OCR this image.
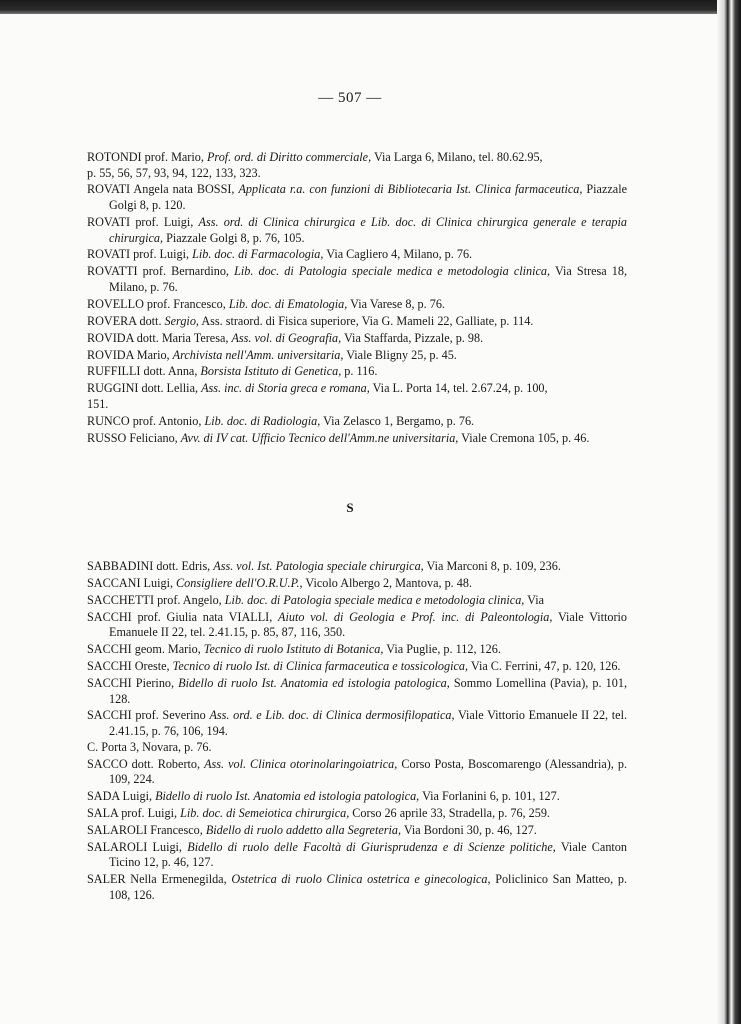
— 507 —
ROTONDI prof. Mario, Prof. ord. di Diritto commerciale, Via Larga 6, Milano, tel. 80.62.95,
p. 55, 56, 57, 93, 94, 122, 133, 323.
ROVATI Angela nata BOSSI, Applicata r.a. con funzioni di Bibliotecaria Ist. Clinica farmaceutica, Piazzale Golgi 8, p. 120.
ROVATI prof. Luigi, Ass. ord. di Clinica chirurgica e Lib. doc. di Clinica chirurgica generale e terapia chirurgica, Piazzale Golgi 8, p. 76, 105.
ROVATI prof. Luigi, Lib. doc. di Farmacologia, Via Cagliero 4, Milano, p. 76.
ROVATTI prof. Bernardino, Lib. doc. di Patologia speciale medica e metodologia clinica, Via Stresa 18, Milano, p. 76.
ROVELLO prof. Francesco, Lib. doc. di Ematologia, Via Varese 8, p. 76.
ROVERA dott. Sergio, Ass. straord. di Fisica superiore, Via G. Mameli 22, Galliate, p. 114.
ROVIDA dott. Maria Teresa, Ass. vol. di Geografia, Via Staffarda, Pizzale, p. 98.
ROVIDA Mario, Archivista nell'Amm. universitaria, Viale Bligny 25, p. 45.
RUFFILLI dott. Anna, Borsista Istituto di Genetica, p. 116.
RUGGINI dott. Lellia, Ass. inc. di Storia greca e romana, Via L. Porta 14, tel. 2.67.24, p. 100,
151.
RUNCO prof. Antonio, Lib. doc. di Radiologia, Via Zelasco 1, Bergamo, p. 76.
RUSSO Feliciano, Avv. di IV cat. Ufficio Tecnico dell'Amm.ne universitaria, Viale Cremona 105, p. 46.
S
SABBADINI dott. Edris, Ass. vol. Ist. Patologia speciale chirurgica, Via Marconi 8, p. 109, 236.
SACCANI Luigi, Consigliere dell'O.R.U.P., Vicolo Albergo 2, Mantova, p. 48.
SACCHETTI prof. Angelo, Lib. doc. di Patologia speciale medica e metodologia clinica, Via
SACCHI prof. Giulia nata VIALLI, Aiuto vol. di Geologia e Prof. inc. di Paleontologia, Viale Vittorio Emanuele II 22, tel. 2.41.15, p. 85, 87, 116, 350.
SACCHI geom. Mario, Tecnico di ruolo Istituto di Botanica, Via Puglie, p. 112, 126.
SACCHI Oreste, Tecnico di ruolo Ist. di Clinica farmaceutica e tossicologica, Via C. Ferrini, 47, p. 120, 126.
SACCHI Pierino, Bidello di ruolo Ist. Anatomia ed istologia patologica, Sommo Lomellina (Pavia), p. 101, 128.
SACCHI prof. Severino Ass. ord. e Lib. doc. di Clinica dermosifilopatica, Viale Vittorio Emanuele II 22, tel. 2.41.15, p. 76, 106, 194.
C. Porta 3, Novara, p. 76.
SACCO dott. Roberto, Ass. vol. Clinica otorinolaringoiatrica, Corso Posta, Boscomarengo (Alessandria), p. 109, 224.
SADA Luigi, Bidello di ruolo Ist. Anatomia ed istologia patologica, Via Forlanini 6, p. 101, 127.
SALA prof. Luigi, Lib. doc. di Semeiotica chirurgica, Corso 26 aprile 33, Stradella, p. 76, 259.
SALAROLI Francesco, Bidello di ruolo addetto alla Segreteria, Via Bordoni 30, p. 46, 127.
SALAROLI Luigi, Bidello di ruolo delle Facoltà di Giurisprudenza e di Scienze politiche, Viale Canton Ticino 12, p. 46, 127.
SALER Nella Ermenegilda, Ostetrica di ruolo Clinica ostetrica e ginecologica, Policlinico San Matteo, p. 108, 126.
